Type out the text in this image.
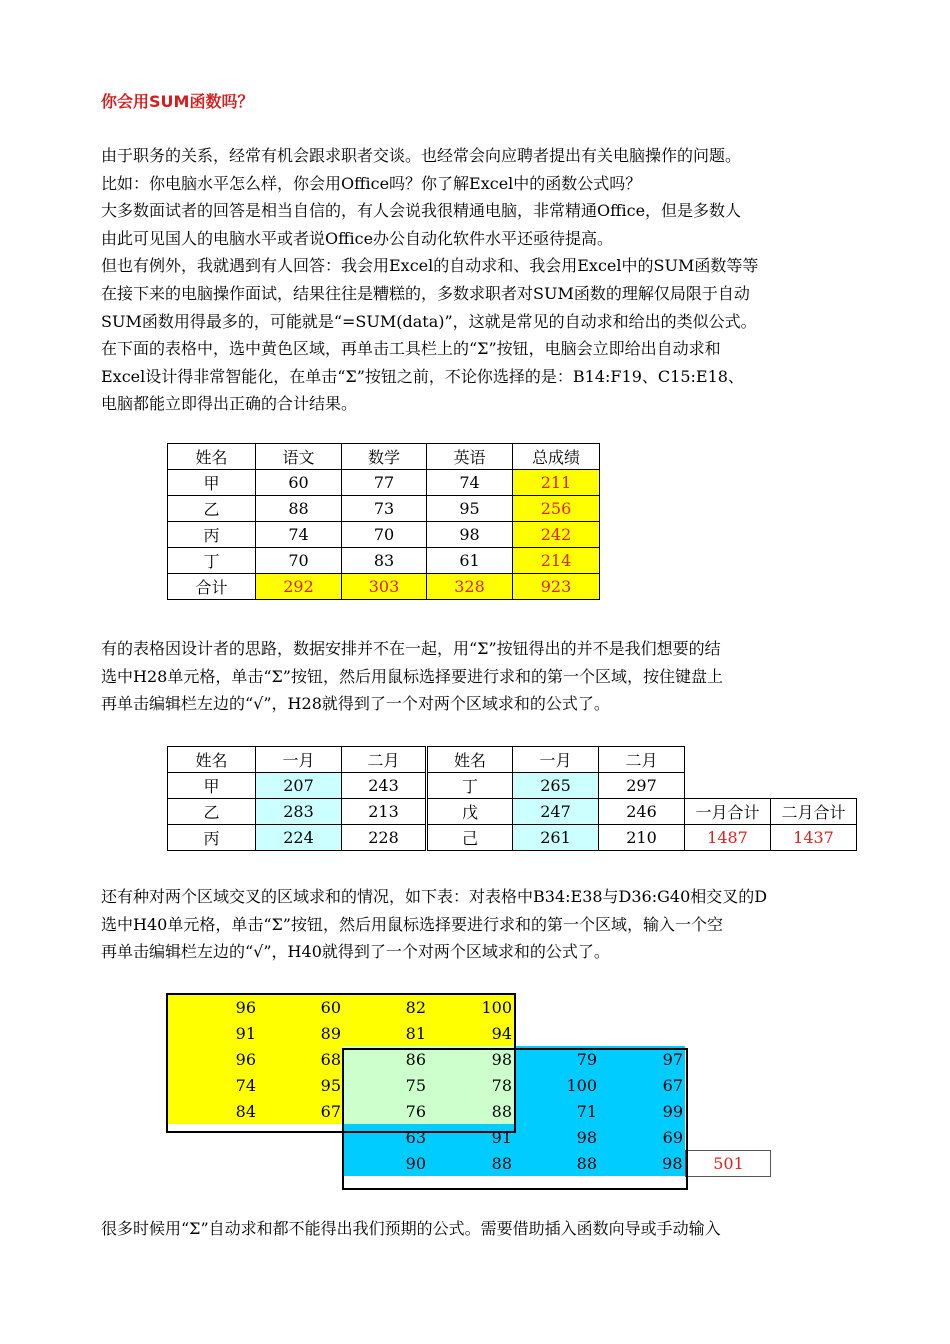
你会用SUM函数吗？
由于职务的关系，经常有机会跟求职者交谈。也经常会向应聘者提出有关电脑操作的问题。
比如：你电脑水平怎么样，你会用Office吗？你了解Excel中的函数公式吗？
大多数面试者的回答是相当自信的，有人会说我很精通电脑，非常精通Office，但是多数人
由此可见国人的电脑水平或者说Office办公自动化软件水平还亟待提高。
但也有例外，我就遇到有人回答：我会用Excel的自动求和、我会用Excel中的SUM函数等等
在接下来的电脑操作面试，结果往往是糟糕的，多数求职者对SUM函数的理解仅局限于自动
SUM函数用得最多的，可能就是“=SUM(data)”，这就是常见的自动求和给出的类似公式。
在下面的表格中，选中黄色区域，再单击工具栏上的“Σ”按钮，电脑会立即给出自动求和
Excel设计得非常智能化，在单击“Σ”按钮之前，不论你选择的是：B14:F19、C15:E18、
电脑都能立即得出正确的合计结果。
姓名	语文	数学	英语	总成绩
甲	60	77	74	211
乙	88	73	95	256
丙	74	70	98	242
丁	70	83	61	214
合计	292	303	328	923
有的表格因设计者的思路，数据安排并不在一起，用“Σ”按钮得出的并不是我们想要的结
选中H28单元格，单击“Σ”按钮，然后用鼠标选择要进行求和的第一个区域，按住键盘上
再单击编辑栏左边的“√”，H28就得到了一个对两个区域求和的公式了。
姓名	一月	二月	姓名	一月	二月		
甲	207	243	丁	265	297		
乙	283	213	戊	247	246	一月合计	二月合计
丙	224	228	己	261	210	1487	1437
还有种对两个区域交叉的区域求和的情况，如下表：对表格中B34:E38与D36:G40相交叉的D
选中H40单元格，单击“Σ”按钮，然后用鼠标选择要进行求和的第一个区域，输入一个空
再单击编辑栏左边的“√”，H40就得到了一个对两个区域求和的公式了。
96	60	82	100			
91	89	81	94			
96	68	86	98	79	97	
74	95	75	78	100	67	
84	67	76	88	71	99	
		63	91	98	69	
		90	88	88	98	501
很多时候用“Σ”自动求和都不能得出我们预期的公式。需要借助插入函数向导或手动输入
